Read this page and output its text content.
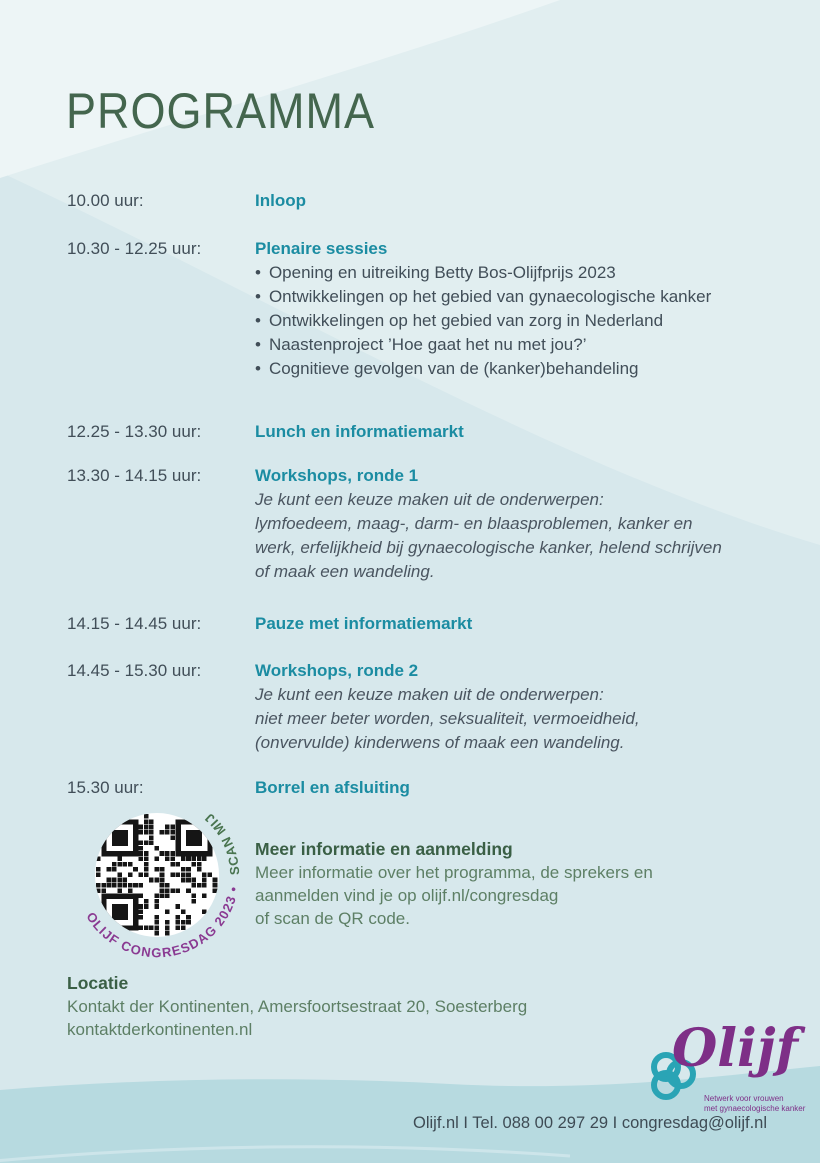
PROGRAMMA
10.00 uur:	Inloop
10.30 - 12.25 uur:	Plenaire sessies
• Opening en uitreiking Betty Bos-Olijfprijs 2023
• Ontwikkelingen op het gebied van gynaecologische kanker
• Ontwikkelingen op het gebied van zorg in Nederland
• Naastenproject ’Hoe gaat het nu met jou?’
• Cognitieve gevolgen van de (kanker)behandeling
12.25 - 13.30 uur:	Lunch en informatiemarkt
13.30 - 14.15 uur:	Workshops, ronde 1
Je kunt een keuze maken uit de onderwerpen:
lymfoedeem, maag-, darm- en blaasproblemen, kanker en
werk, erfelijkheid bij gynaecologische kanker, helend schrijven
of maak een wandeling.
14.15 - 14.45 uur:	Pauze met informatiemarkt
14.45 - 15.30 uur:	Workshops, ronde 2
Je kunt een keuze maken uit de onderwerpen:
niet meer beter worden, seksualiteit, vermoeidheid,
(onvervulde) kinderwens of maak een wandeling.
15.30 uur:	Borrel en afsluiting
OLIJF CONGRESDAG 2023 • SCAN MIJ
Meer informatie en aanmelding
Meer informatie over het programma, de sprekers en
aanmelden vind je op olijf.nl/congresdag
of scan de QR code.
Locatie
Kontakt der Kontinenten, Amersfoortsestraat 20, Soesterberg
kontaktderkontinenten.nl	Olijf
Netwerk voor vrouwen
met gynaecologische kanker
Olijf.nl I Tel. 088 00 297 29 I congresdag@olijf.nl
